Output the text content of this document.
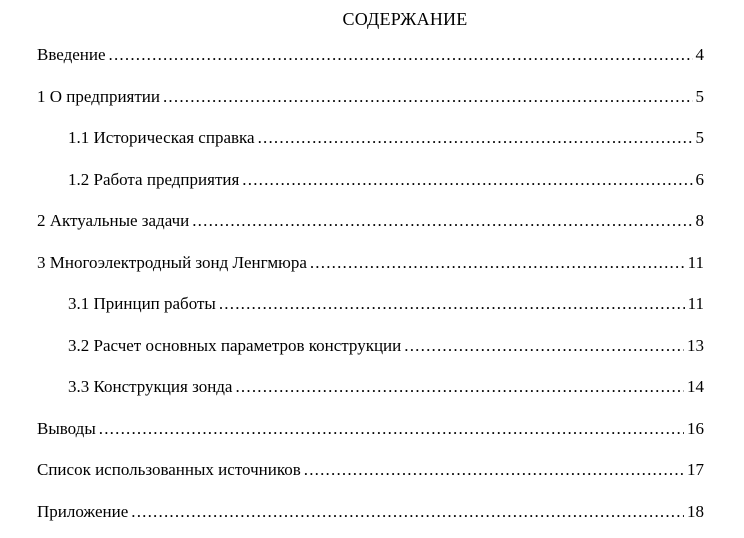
СОДЕРЖАНИЕ
Введение .....	4
1 О предприятии .....	5
1.1 Историческая справка .....	5
1.2 Работа предприятия .....	6
2 Актуальные задачи .....	8
3 Многоэлектродный зонд Ленгмюра .....	11
3.1 Принцип работы .....	11
3.2 Расчет основных параметров конструкции .....	13
3.3 Конструкция зонда .....	14
Выводы .....	16
Список использованных источников .....	17
Приложение .....	18
